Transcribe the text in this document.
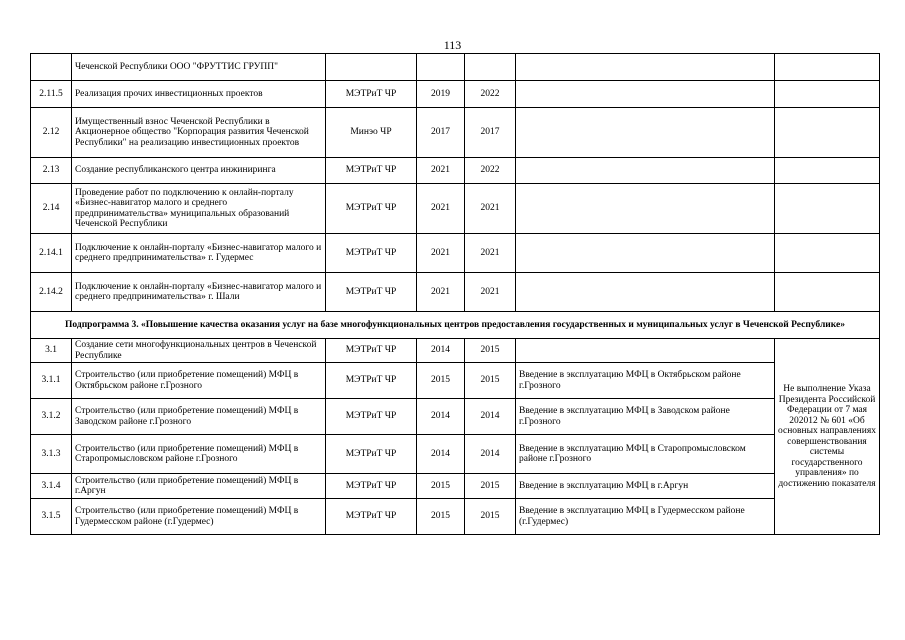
113
	Чеченской Республики ООО "ФРУТТИС ГРУПП"					
2.11.5	Реализация прочих инвестиционных проектов	МЭТРиТ ЧР	2019	2022		
2.12	Имущественный взнос Чеченской Республики в Акционерное общество "Корпорация развития Чеченской Республики" на реализацию инвестиционных проектов	Минэо ЧР	2017	2017		
2.13	Создание республиканского центра инжиниринга	МЭТРиТ ЧР	2021	2022		
2.14	Проведение работ по подключению к онлайн-порталу «Бизнес-навигатор малого и среднего предпринимательства» муниципальных образований Чеченской Республики	МЭТРиТ ЧР	2021	2021		
2.14.1	Подключение к онлайн-порталу «Бизнес-навигатор малого и среднего предпринимательства» г. Гудермес	МЭТРиТ ЧР	2021	2021		
2.14.2	Подключение к онлайн-порталу «Бизнес-навигатор малого и среднего предпринимательства» г. Шали	МЭТРиТ ЧР	2021	2021		
Подпрограмма 3. «Повышение качества оказания услуг на базе многофункциональных центров предоставления государственных и муниципальных услуг в Чеченской Республике»						
3.1	Создание сети многофункциональных центров в Чеченской Республике	МЭТРиТ ЧР	2014	2015		Не выполнение Указа Президента Российской Федерации от 7 мая 202012 № 601 «Об основных направлениях совершенствования системы государственного управления» по достижению показателя
3.1.1	Строительство (или приобретение помещений) МФЦ в Октябрьском районе г.Грозного	МЭТРиТ ЧР	2015	2015	Введение в эксплуатацию МФЦ в Октябрьском районе г.Грозного	
3.1.2	Строительство (или приобретение помещений) МФЦ в Заводском районе г.Грозного	МЭТРиТ ЧР	2014	2014	Введение в эксплуатацию МФЦ в Заводском районе г.Грозного	
3.1.3	Строительство (или приобретение помещений) МФЦ в Старопромысловском районе г.Грозного	МЭТРиТ ЧР	2014	2014	Введение в эксплуатацию МФЦ в Старопромысловском районе г.Грозного	
3.1.4	Строительство (или приобретение помещений) МФЦ в г.Аргун	МЭТРиТ ЧР	2015	2015	Введение в эксплуатацию МФЦ в г.Аргун	
3.1.5	Строительство (или приобретение помещений) МФЦ в Гудермесском районе (г.Гудермес)	МЭТРиТ ЧР	2015	2015	Введение в эксплуатацию МФЦ в Гудермесском районе (г.Гудермес)	
